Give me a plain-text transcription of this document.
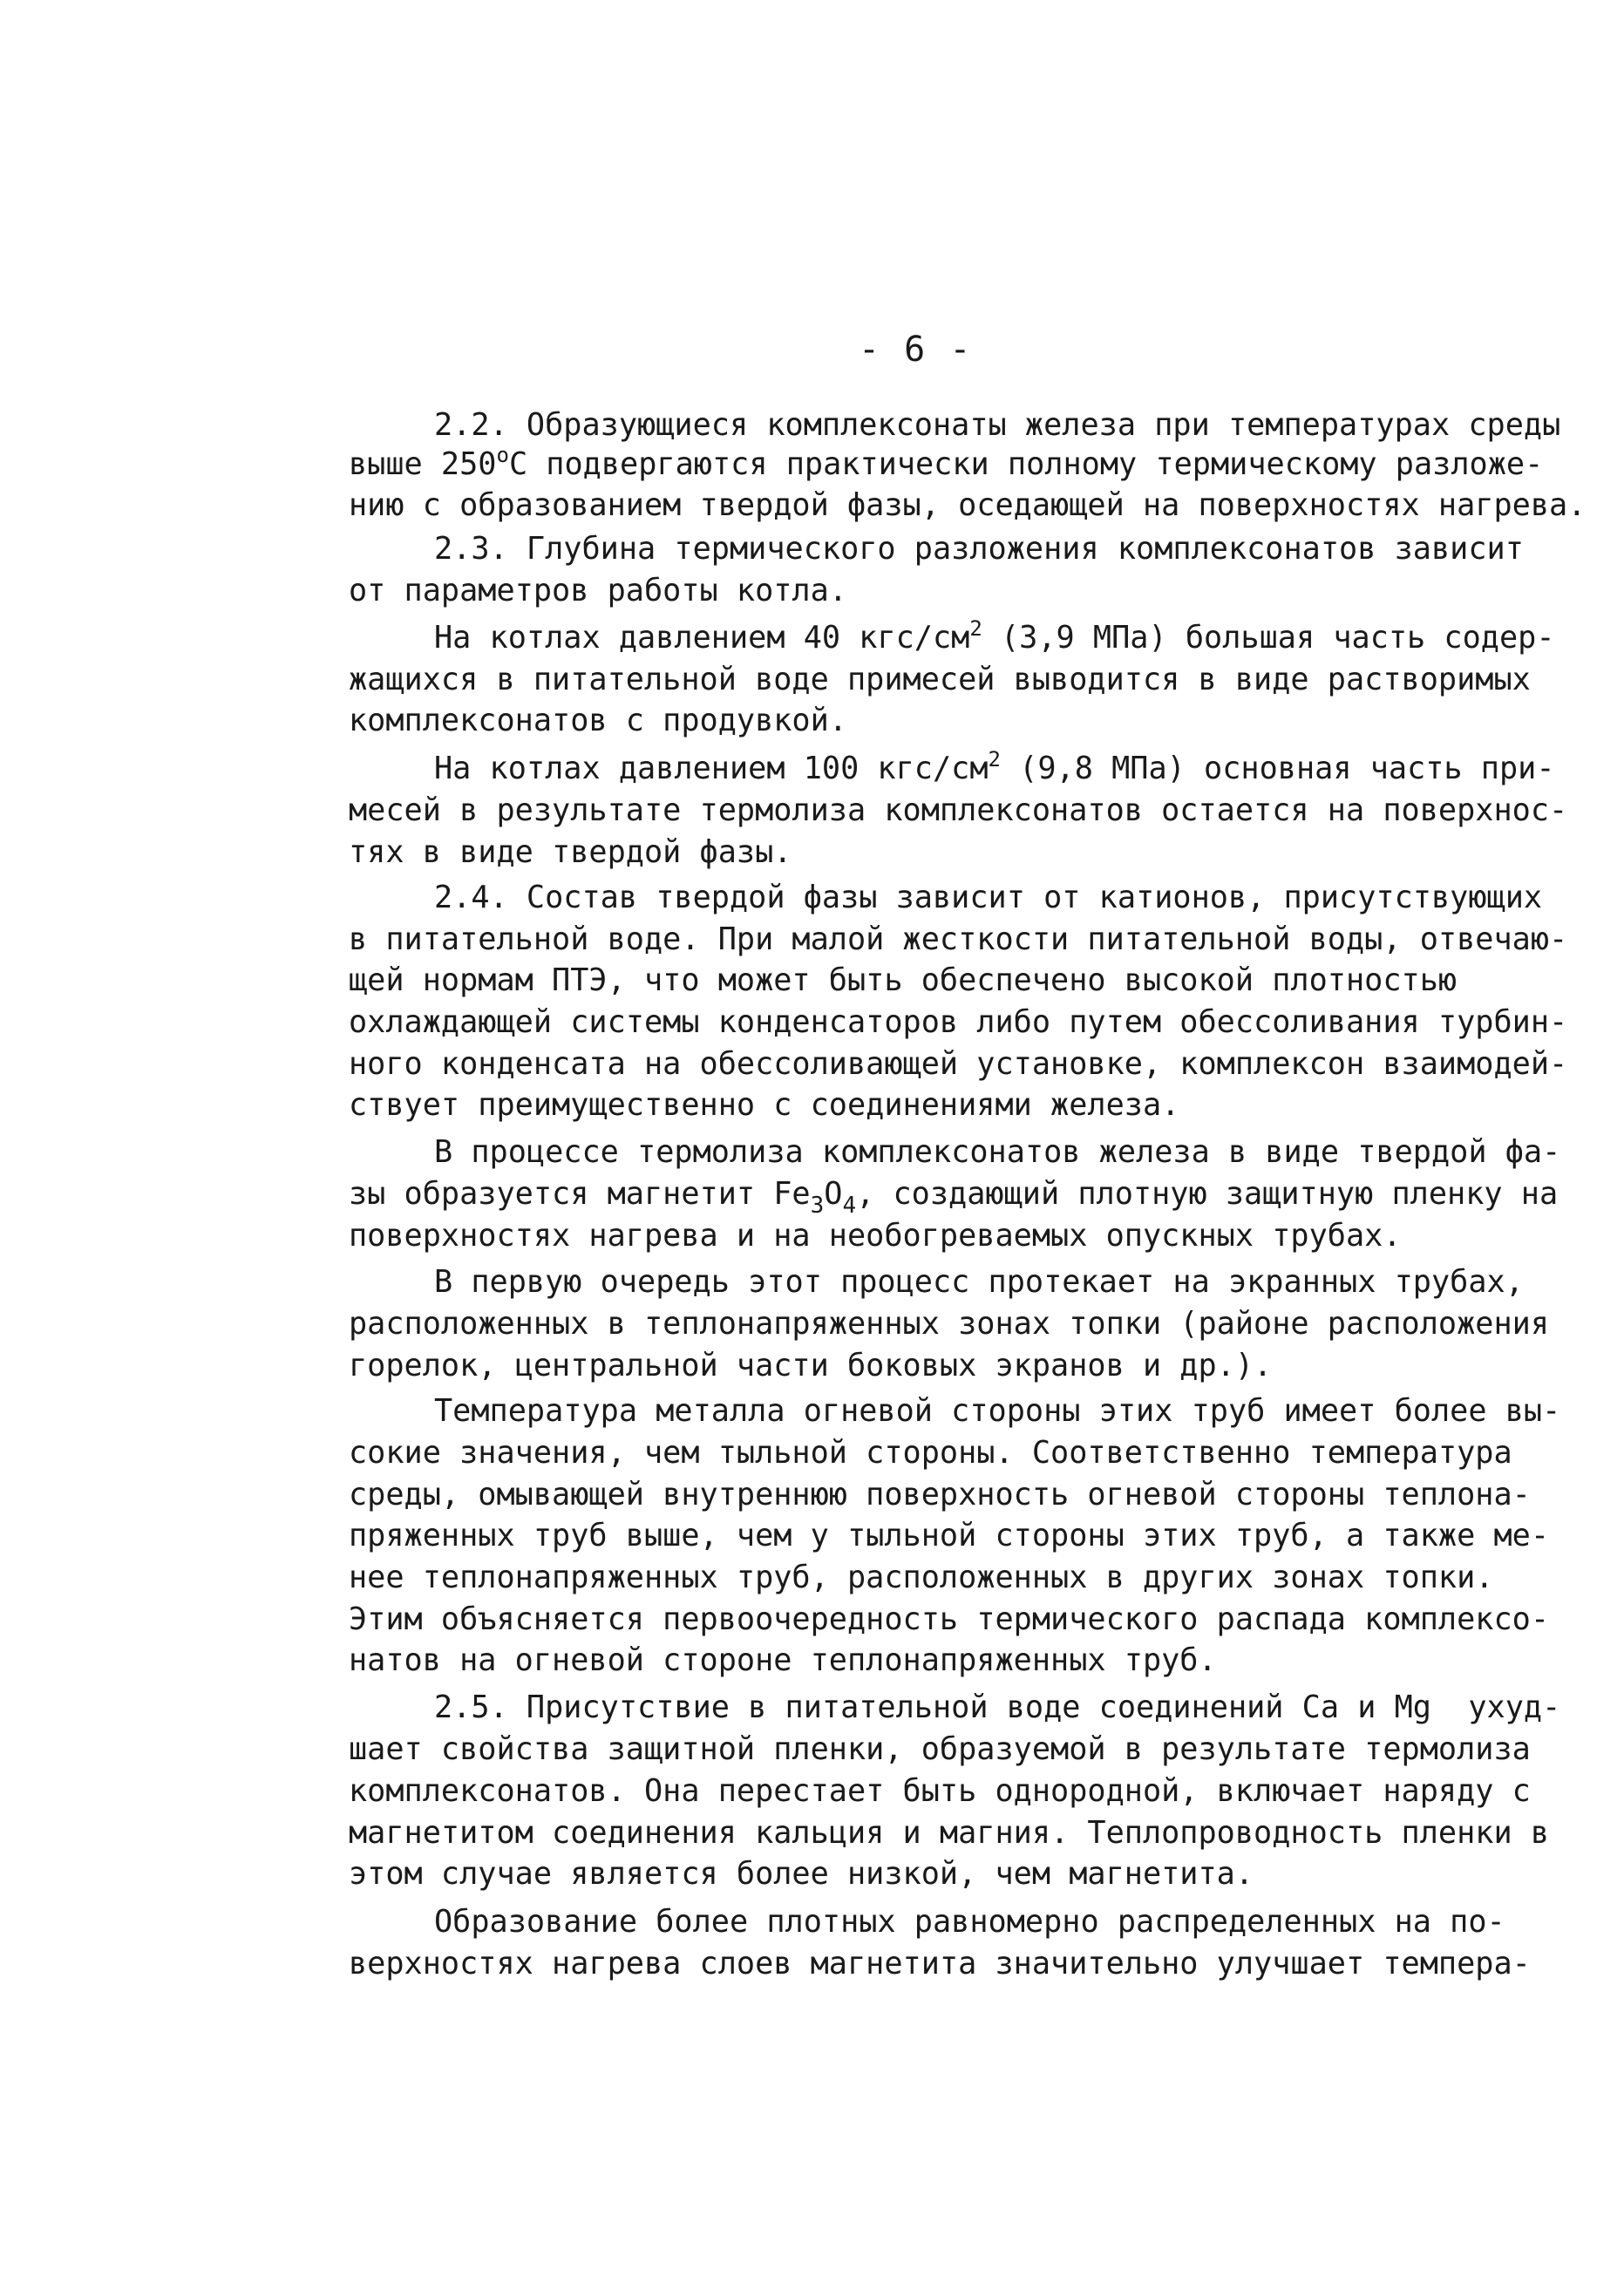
- 6 -
2.2. Образующиеся комплексонаты железа при температурах среды
выше $250^оС$ подвергаются практически полному термическому разложе-
нию с образованием твердой фазы, оседающей на поверхностях нагрева.
2.3. Глубина термического разложения комплексонатов зависит
от параметров работы котла.
На котлах давлением 40 кгс/$см^2$ (3,9 МПа) большая часть содер-
жащихся в питательной воде примесей выводится в виде растворимых
комплексонатов с продувкой.
На котлах давлением 100 кгс/$см^2$ (9,8 МПа) основная часть при-
месей в результате термолиза комплексонатов остается на поверхнос-
тях в виде твердой фазы.
2.4. Состав твердой фазы зависит от катионов, присутствующих
в питательной воде. При малой жесткости питательной воды, отвечаю-
щей нормам ПТЭ, что может быть обеспечено высокой плотностью
охлаждающей системы конденсаторов либо путем обессоливания турбин-
ного конденсата на обессоливающей установке, комплексон взаимодей-
ствует преимущественно с соединениями железа.
В процессе термолиза комплексонатов железа в виде твердой фа-
зы образуется магнетит $Fe_3O_4$, создающий плотную защитную пленку на
поверхностях нагрева и на необогреваемых опускных трубах.
В первую очередь этот процесс протекает на экранных трубах,
расположенных в теплонапряженных зонах топки (районе расположения
горелок, центральной части боковых экранов и др.).
Температура металла огневой стороны этих труб имеет более вы-
сокие значения, чем тыльной стороны. Соответственно температура
среды, омывающей внутреннюю поверхность огневой стороны теплона-
пряженных труб выше, чем у тыльной стороны этих труб, а также ме-
нее теплонапряженных труб, расположенных в других зонах топки.
Этим объясняется первоочередность термического распада комплексо-
натов на огневой стороне теплонапряженных труб.
2.5. Присутствие в питательной воде соединений Ca и Mg  ухуд-
шает свойства защитной пленки, образуемой в результате термолиза
комплексонатов. Она перестает быть однородной, включает наряду с
магнетитом соединения кальция и магния. Теплопроводность пленки в
этом случае является более низкой, чем магнетита.
Образование более плотных равномерно распределенных на по-
верхностях нагрева слоев магнетита значительно улучшает темпера-
